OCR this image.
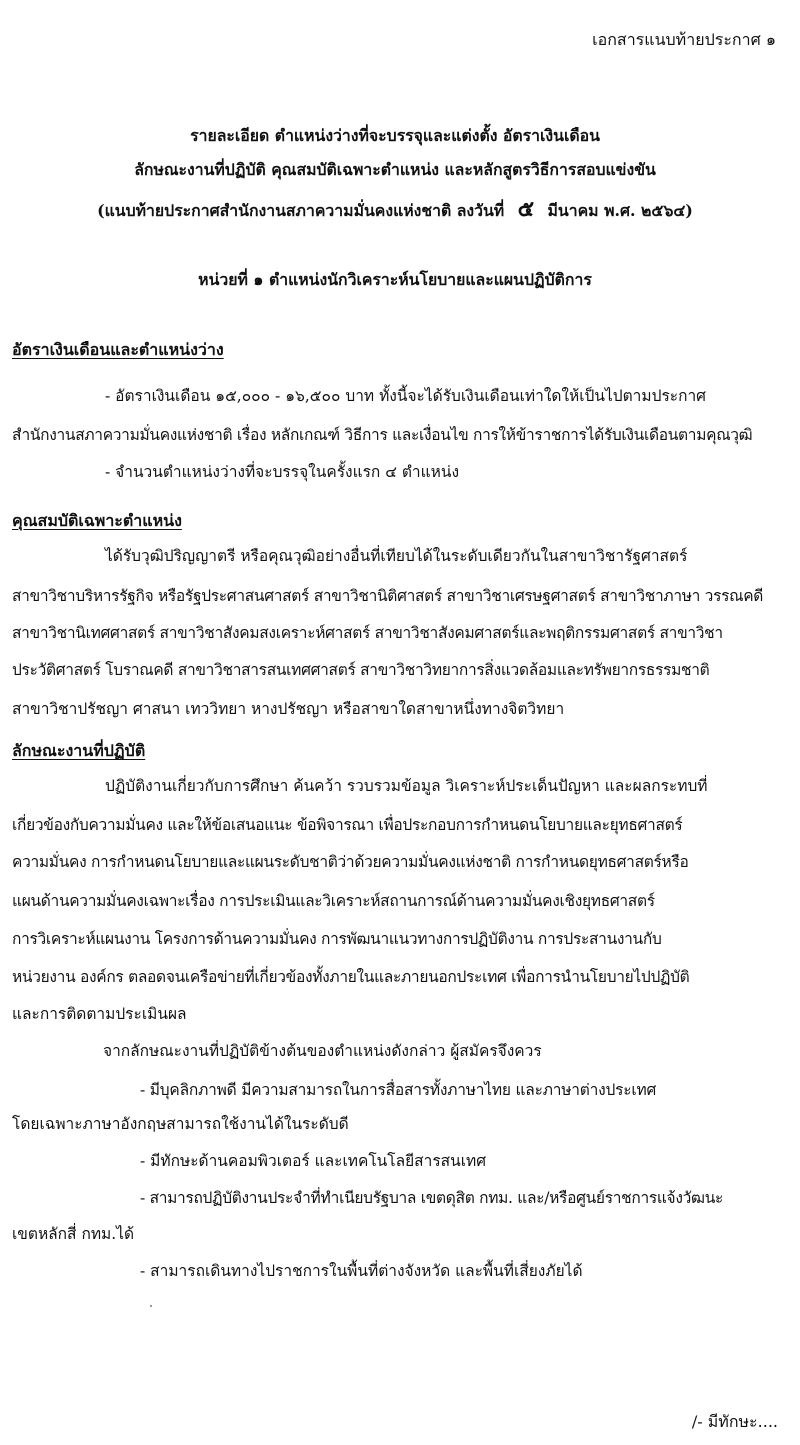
เอกสารแนบท้ายประกาศ ๑
รายละเอียด ตำแหน่งว่างที่จะบรรจุและแต่งตั้ง อัตราเงินเดือน
ลักษณะงานที่ปฏิบัติ คุณสมบัติเฉพาะตำแหน่ง และหลักสูตรวิธีการสอบแข่งขัน
(แนบท้ายประกาศสำนักงานสภาความมั่นคงแห่งชาติ ลงวันที่ ๕ มีนาคม พ.ศ. ๒๕๖๔)
หน่วยที่ ๑ ตำแหน่งนักวิเคราะห์นโยบายและแผนปฏิบัติการ
อัตราเงินเดือนและตำแหน่งว่าง
- อัตราเงินเดือน ๑๕,๐๐๐ - ๑๖,๕๐๐ บาท ทั้งนี้จะได้รับเงินเดือนเท่าใดให้เป็นไปตามประกาศ
สำนักงานสภาความมั่นคงแห่งชาติ เรื่อง หลักเกณฑ์ วิธีการ และเงื่อนไข การให้ข้าราชการได้รับเงินเดือนตามคุณวุฒิ
- จำนวนตำแหน่งว่างที่จะบรรจุในครั้งแรก ๔ ตำแหน่ง
คุณสมบัติเฉพาะตำแหน่ง
ได้รับวุฒิปริญญาตรี หรือคุณวุฒิอย่างอื่นที่เทียบได้ในระดับเดียวกันในสาขาวิชารัฐศาสตร์
สาขาวิชาบริหารรัฐกิจ หรือรัฐประศาสนศาสตร์ สาขาวิชานิติศาสตร์ สาขาวิชาเศรษฐศาสตร์ สาขาวิชาภาษา วรรณคดี
สาขาวิชานิเทศศาสตร์ สาขาวิชาสังคมสงเคราะห์ศาสตร์ สาขาวิชาสังคมศาสตร์และพฤติกรรมศาสตร์ สาขาวิชา
ประวัติศาสตร์ โบราณคดี สาขาวิชาสารสนเทศศาสตร์ สาขาวิชาวิทยาการสิ่งแวดล้อมและทรัพยากรธรรมชาติ
สาขาวิชาปรัชญา ศาสนา เทววิทยา หางปรัชญา หรือสาขาใดสาขาหนึ่งทางจิตวิทยา
ลักษณะงานที่ปฏิบัติ
ปฏิบัติงานเกี่ยวกับการศึกษา ค้นคว้า รวบรวมข้อมูล วิเคราะห์ประเด็นปัญหา และผลกระทบที่
เกี่ยวข้องกับความมั่นคง และให้ข้อเสนอแนะ ข้อพิจารณา เพื่อประกอบการกำหนดนโยบายและยุทธศาสตร์
ความมั่นคง การกำหนดนโยบายและแผนระดับชาติว่าด้วยความมั่นคงแห่งชาติ การกำหนดยุทธศาสตร์หรือ
แผนด้านความมั่นคงเฉพาะเรื่อง การประเมินและวิเคราะห์สถานการณ์ด้านความมั่นคงเชิงยุทธศาสตร์
การวิเคราะห์แผนงาน โครงการด้านความมั่นคง การพัฒนาแนวทางการปฏิบัติงาน การประสานงานกับ
หน่วยงาน องค์กร ตลอดจนเครือข่ายที่เกี่ยวข้องทั้งภายในและภายนอกประเทศ เพื่อการนำนโยบายไปปฏิบัติ
และการติดตามประเมินผล
จากลักษณะงานที่ปฏิบัติข้างต้นของตำแหน่งดังกล่าว ผู้สมัครจึงควร
- มีบุคลิกภาพดี มีความสามารถในการสื่อสารทั้งภาษาไทย และภาษาต่างประเทศ
โดยเฉพาะภาษาอังกฤษสามารถใช้งานได้ในระดับดี
- มีทักษะด้านคอมพิวเตอร์ และเทคโนโลยีสารสนเทศ
- สามารถปฏิบัติงานประจำที่ทำเนียบรัฐบาล เขตดุสิต กทม. และ/หรือศูนย์ราชการแจ้งวัฒนะ
เขตหลักสี่ กทม.ได้
- สามารถเดินทางไปราชการในพื้นที่ต่างจังหวัด และพื้นที่เสี่ยงภัยได้
/- มีทักษะ....
